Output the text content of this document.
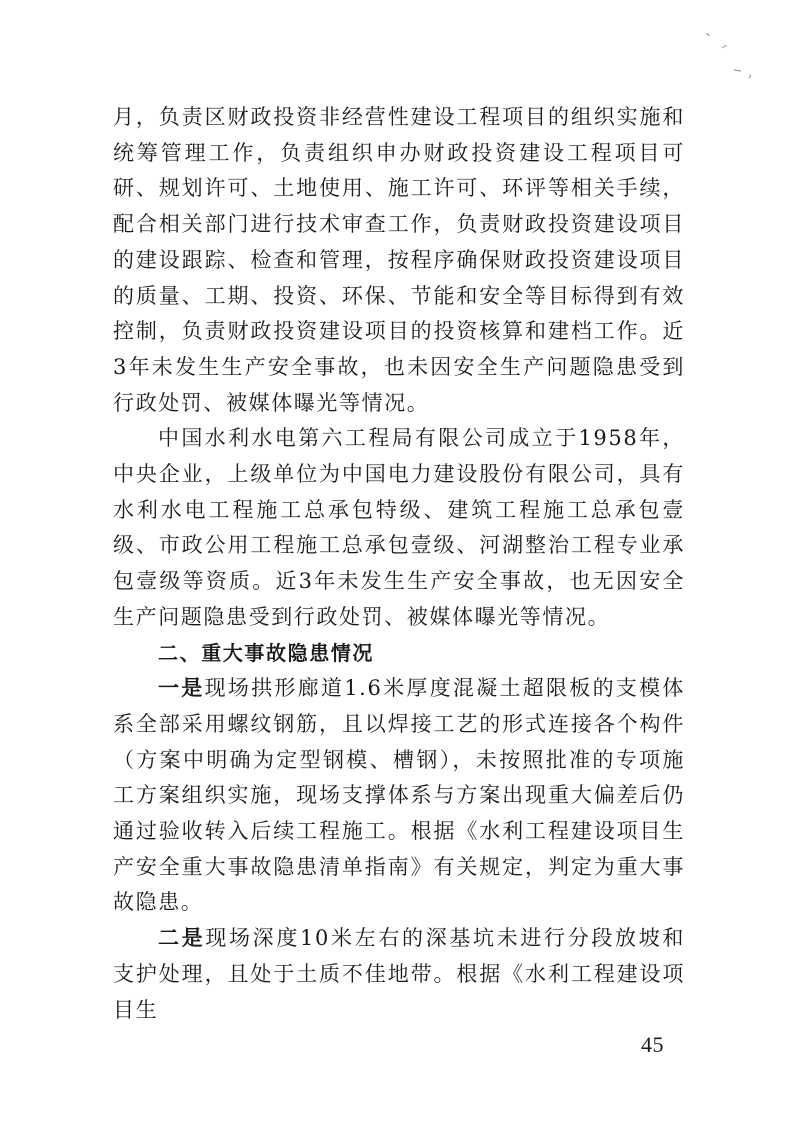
月，负责区财政投资非经营性建设工程项目的组织实施和统筹管理工作，负责组织申办财政投资建设工程项目可研、规划许可、土地使用、施工许可、环评等相关手续，配合相关部门进行技术审查工作，负责财政投资建设项目的建设跟踪、检查和管理，按程序确保财政投资建设项目的质量、工期、投资、环保、节能和安全等目标得到有效控制，负责财政投资建设项目的投资核算和建档工作。近3年未发生生产安全事故，也未因安全生产问题隐患受到行政处罚、被媒体曝光等情况。

中国水利水电第六工程局有限公司成立于1958年，中央企业，上级单位为中国电力建设股份有限公司，具有水利水电工程施工总承包特级、建筑工程施工总承包壹级、市政公用工程施工总承包壹级、河湖整治工程专业承包壹级等资质。近3年未发生生产安全事故，也无因安全生产问题隐患受到行政处罚、被媒体曝光等情况。

二、重大事故隐患情况

一是现场拱形廊道1.6米厚度混凝土超限板的支模体系全部采用螺纹钢筋，且以焊接工艺的形式连接各个构件（方案中明确为定型钢模、槽钢），未按照批准的专项施工方案组织实施，现场支撑体系与方案出现重大偏差后仍通过验收转入后续工程施工。根据《水利工程建设项目生产安全重大事故隐患清单指南》有关规定，判定为重大事故隐患。

二是现场深度10米左右的深基坑未进行分段放坡和支护处理，且处于土质不佳地带。根据《水利工程建设项目生

45
